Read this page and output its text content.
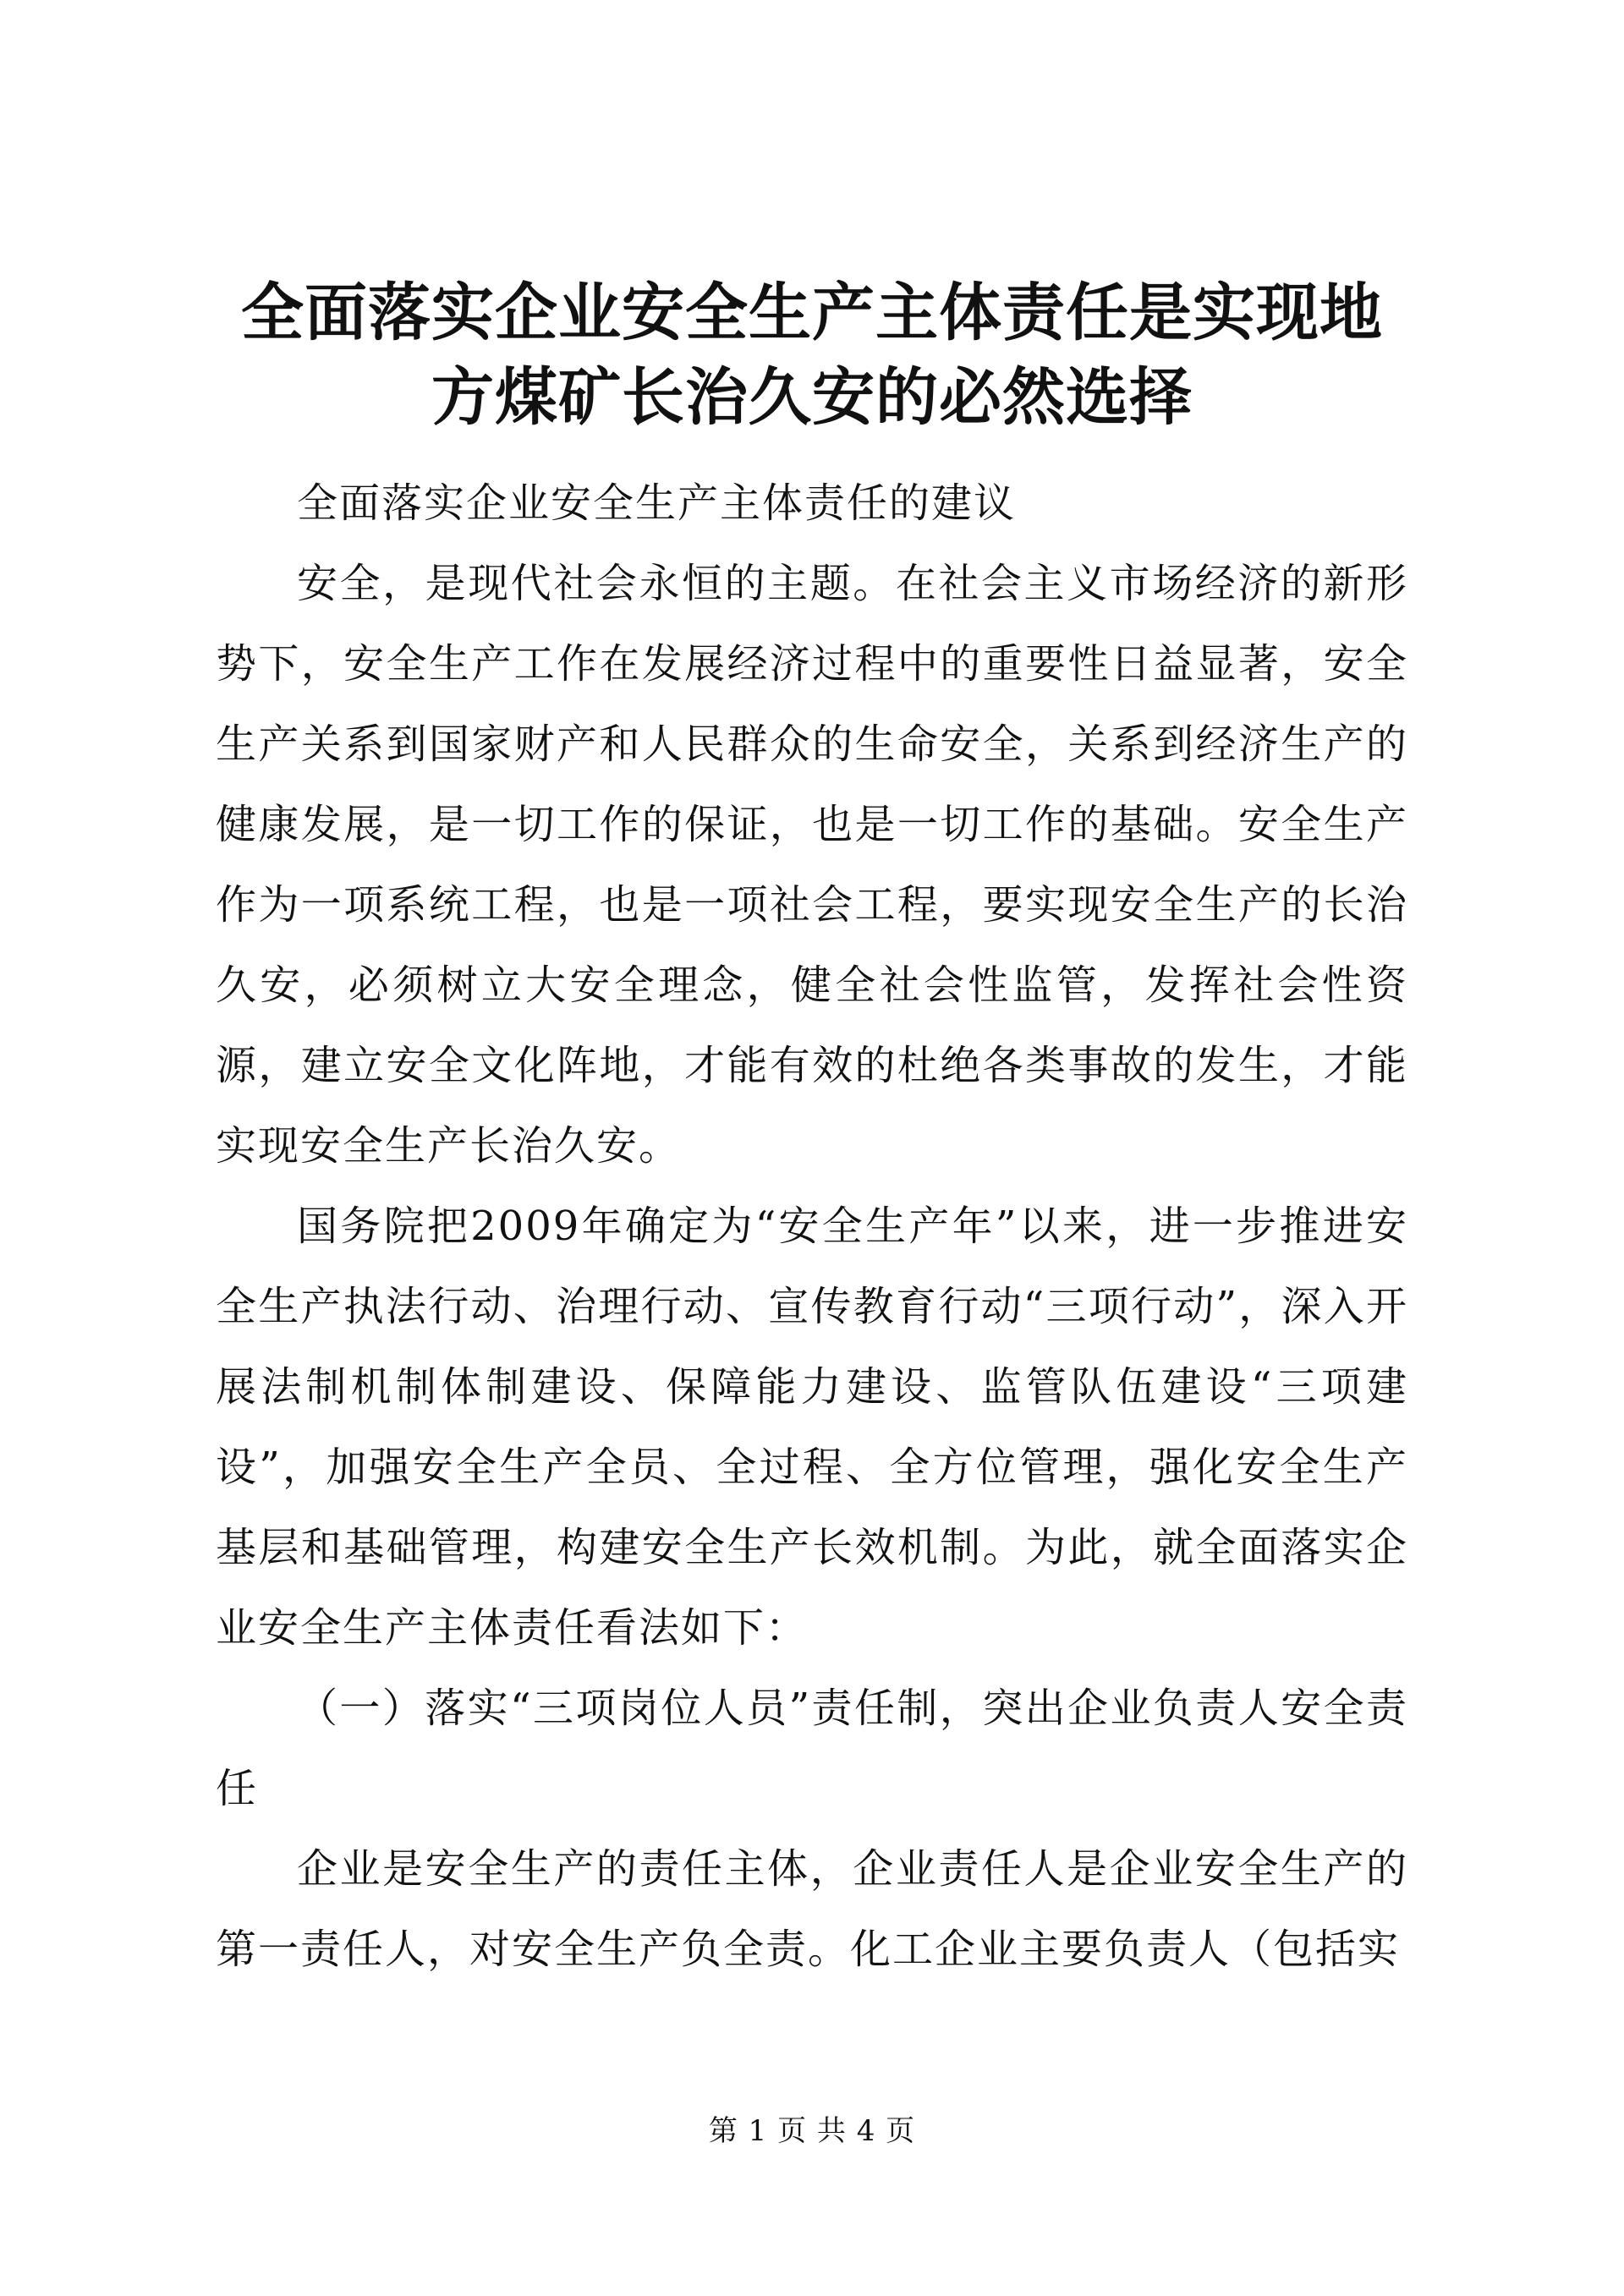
全面落实企业安全生产主体责任是实现地方煤矿长治久安的必然选择

全面落实企业安全生产主体责任的建议

安全，是现代社会永恒的主题。在社会主义市场经济的新形势下，安全生产工作在发展经济过程中的重要性日益显著，安全生产关系到国家财产和人民群众的生命安全，关系到经济生产的健康发展，是一切工作的保证，也是一切工作的基础。安全生产作为一项系统工程，也是一项社会工程，要实现安全生产的长治久安，必须树立大安全理念，健全社会性监管，发挥社会性资源，建立安全文化阵地，才能有效的杜绝各类事故的发生，才能实现安全生产长治久安。

国务院把2009年确定为“安全生产年”以来，进一步推进安全生产执法行动、治理行动、宣传教育行动“三项行动”，深入开展法制机制体制建设、保障能力建设、监管队伍建设“三项建设”，加强安全生产全员、全过程、全方位管理，强化安全生产基层和基础管理，构建安全生产长效机制。为此，就全面落实企业安全生产主体责任看法如下：

（一）落实“三项岗位人员”责任制，突出企业负责人安全责任

企业是安全生产的责任主体，企业责任人是企业安全生产的第一责任人，对安全生产负全责。化工企业主要负责人（包括实

第 1 页 共 4 页
